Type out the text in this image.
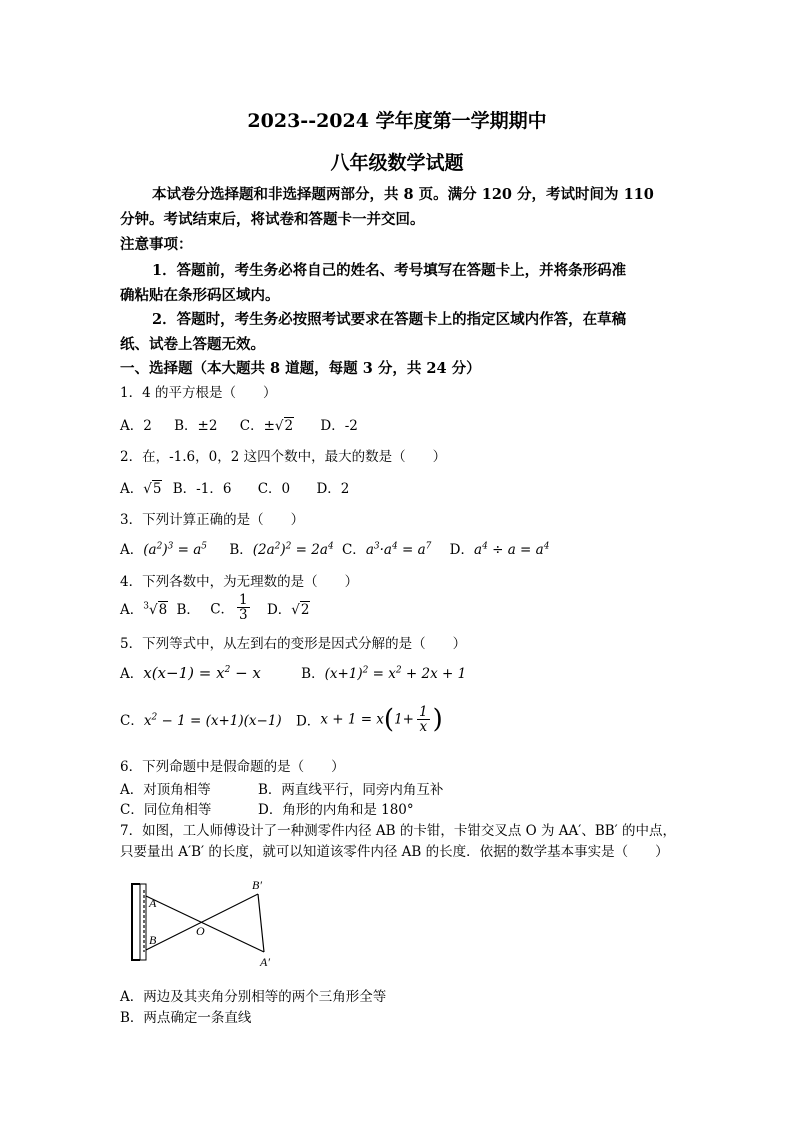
2023--2024 学年度第一学期期中
八年级数学试题
本试卷分选择题和非选择题两部分，共 8 页。满分 120 分，考试时间为 110
分钟。考试结束后，将试卷和答题卡一并交回。
注意事项：
1．答题前，考生务必将自己的姓名、考号填写在答题卡上，并将条形码准
确粘贴在条形码区域内。
2．答题时，考生务必按照考试要求在答题卡上的指定区域内作答，在草稿
纸、试卷上答题无效。
一、选择题（本大题共 8 道题，每题 3 分，共 24 分）
1．4 的平方根是（　　）
A．2 B．±2 C．±√2 D．-2
2．在，-1.6，0，2 这四个数中，最大的数是（　　）
A．√5 B．-1．6 C．0 D．2
3．下列计算正确的是（　　）
A．$(a^2)^3 = a^5$ B．$(2a^2)^2 = 2a^4$ C．$a^3\cdot a^4 = a^7$ D．$a^4 \div a = a^4$
4．下列各数中，为无理数的是（　　）
A．$^3$√8 B． C． $\frac{1}{3}$ D．√2
5．下列等式中，从左到右的变形是因式分解的是（　　）
A．$x(x-1) = x^2 - x$	B．$(x+1)^2 = x^2 + 2x + 1$
C．$x^2 - 1 = (x+1)(x-1)$ D．$x + 1 = x(1+ \frac{1}{x}$ )
6．下列命题中是假命题的是（　　）
A．对顶角相等	B．两直线平行，同旁内角互补
C．同位角相等	D．角形的内角和是 180°
7．如图，工人师傅设计了一种测零件内径 AB 的卡钳，卡钳交叉点 O 为 AA′、BB′ 的中点，
只要量出 A′B′ 的长度，就可以知道该零件内径 AB 的长度．依据的数学基本事实是（　　）
A
B
O
B′
A′
A．两边及其夹角分别相等的两个三角形全等
B．两点确定一条直线
